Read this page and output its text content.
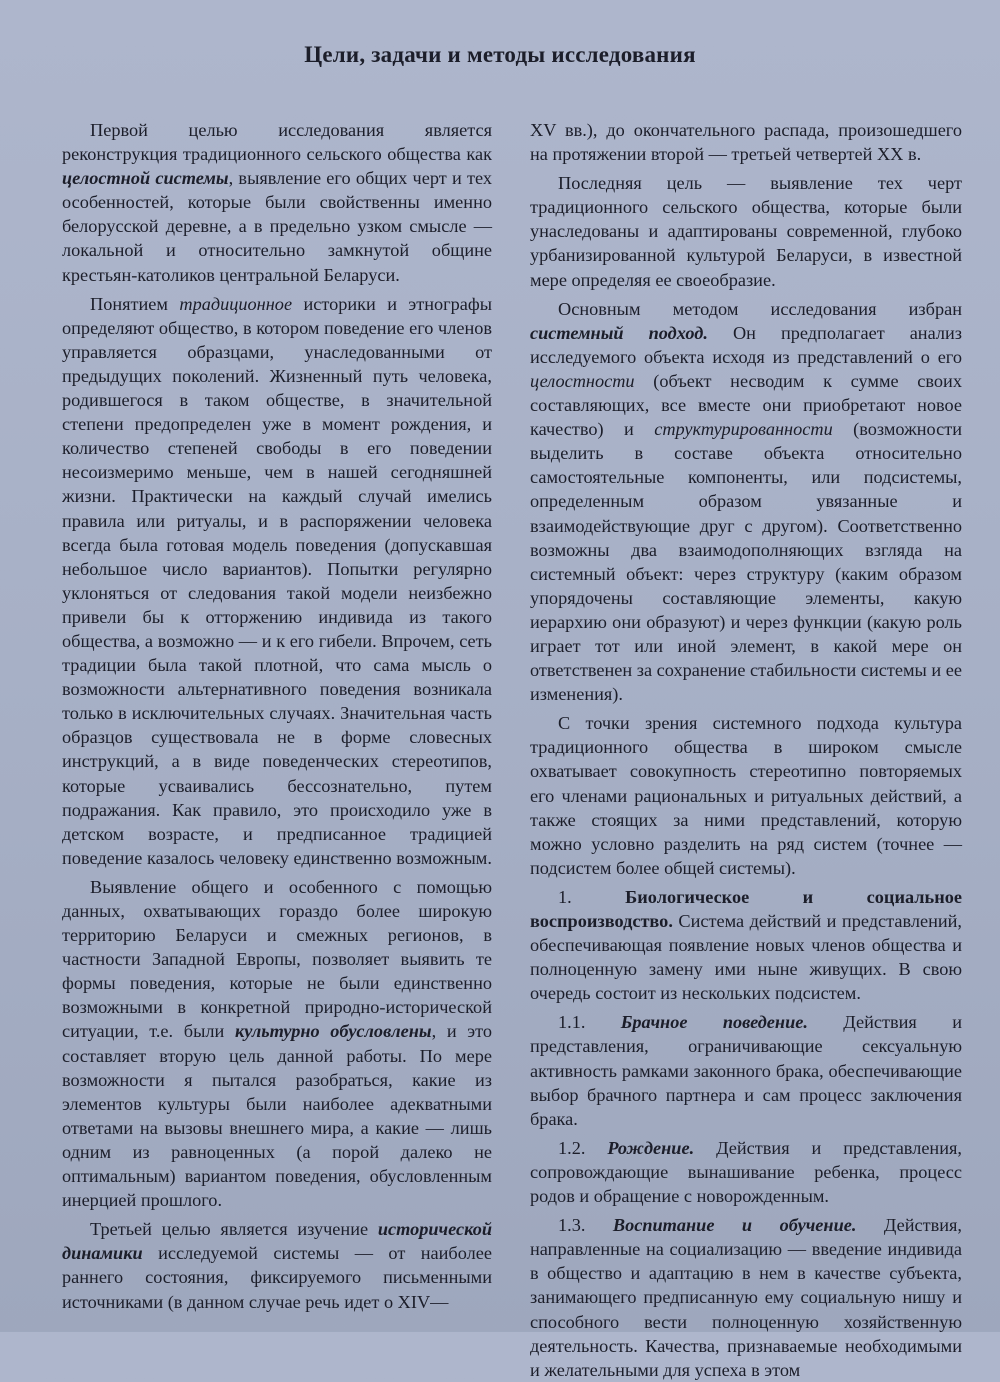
Цели, задачи и методы исследования

Первой целью исследования является реконструкция традиционного сельского общества как целостной системы, выявление его общих черт и тех особенностей, которые были свойственны именно белорусской деревне, а в предельно узком смысле — локальной и относительно замкнутой общине крестьян-католиков центральной Беларуси.

Понятием традиционное историки и этнографы определяют общество, в котором поведение его членов управляется образцами, унаследованными от предыдущих поколений. Жизненный путь человека, родившегося в таком обществе, в значительной степени предопределен уже в момент рождения, и количество степеней свободы в его поведении несоизмеримо меньше, чем в нашей сегодняшней жизни. Практически на каждый случай имелись правила или ритуалы, и в распоряжении человека всегда была готовая модель поведения (допускавшая небольшое число вариантов). Попытки регулярно уклоняться от следования такой модели неизбежно привели бы к отторжению индивида из такого общества, а возможно — и к его гибели. Впрочем, сеть традиции была такой плотной, что сама мысль о возможности альтернативного поведения возникала только в исключительных случаях. Значительная часть образцов существовала не в форме словесных инструкций, а в виде поведенческих стереотипов, которые усваивались бессознательно, путем подражания. Как правило, это происходило уже в детском возрасте, и предписанное традицией поведение казалось человеку единственно возможным.

Выявление общего и особенного с помощью данных, охватывающих гораздо более широкую территорию Беларуси и смежных регионов, в частности Западной Европы, позволяет выявить те формы поведения, которые не были единственно возможными в конкретной природно-исторической ситуации, т.е. были культурно обусловлены, и это составляет вторую цель данной работы. По мере возможности я пытался разобраться, какие из элементов культуры были наиболее адекватными ответами на вызовы внешнего мира, а какие — лишь одним из равноценных (а порой далеко не оптимальным) вариантом поведения, обусловленным инерцией прошлого.

Третьей целью является изучение исторической динамики исследуемой системы — от наиболее раннего состояния, фиксируемого письменными источниками (в данном случае речь идет о XIV—

XV вв.), до окончательного распада, произошедшего на протяжении второй — третьей четвертей XX в.

Последняя цель — выявление тех черт традиционного сельского общества, которые были унаследованы и адаптированы современной, глубоко урбанизированной культурой Беларуси, в известной мере определяя ее своеобразие.

Основным методом исследования избран системный подход. Он предполагает анализ исследуемого объекта исходя из представлений о его целостности (объект несводим к сумме своих составляющих, все вместе они приобретают новое качество) и структурированности (возможности выделить в составе объекта относительно самостоятельные компоненты, или подсистемы, определенным образом увязанные и взаимодействующие друг с другом). Соответственно возможны два взаимодополняющих взгляда на системный объект: через структуру (каким образом упорядочены составляющие элементы, какую иерархию они образуют) и через функции (какую роль играет тот или иной элемент, в какой мере он ответственен за сохранение стабильности системы и ее изменения).

С точки зрения системного подхода культура традиционного общества в широком смысле охватывает совокупность стереотипно повторяемых его членами рациональных и ритуальных действий, а также стоящих за ними представлений, которую можно условно разделить на ряд систем (точнее — подсистем более общей системы).

1. Биологическое и социальное воспроизводство. Система действий и представлений, обеспечивающая появление новых членов общества и полноценную замену ими ныне живущих. В свою очередь состоит из нескольких подсистем.

1.1. Брачное поведение. Действия и представления, ограничивающие сексуальную активность рамками законного брака, обеспечивающие выбор брачного партнера и сам процесс заключения брака.

1.2. Рождение. Действия и представления, сопровождающие вынашивание ребенка, процесс родов и обращение с новорожденным.

1.3. Воспитание и обучение. Действия, направленные на социализацию — введение индивида в общество и адаптацию в нем в качестве субъекта, занимающего предписанную ему социальную нишу и способного вести полноценную хозяйственную деятельность. Качества, признаваемые необходимыми и желательными для успеха в этом
